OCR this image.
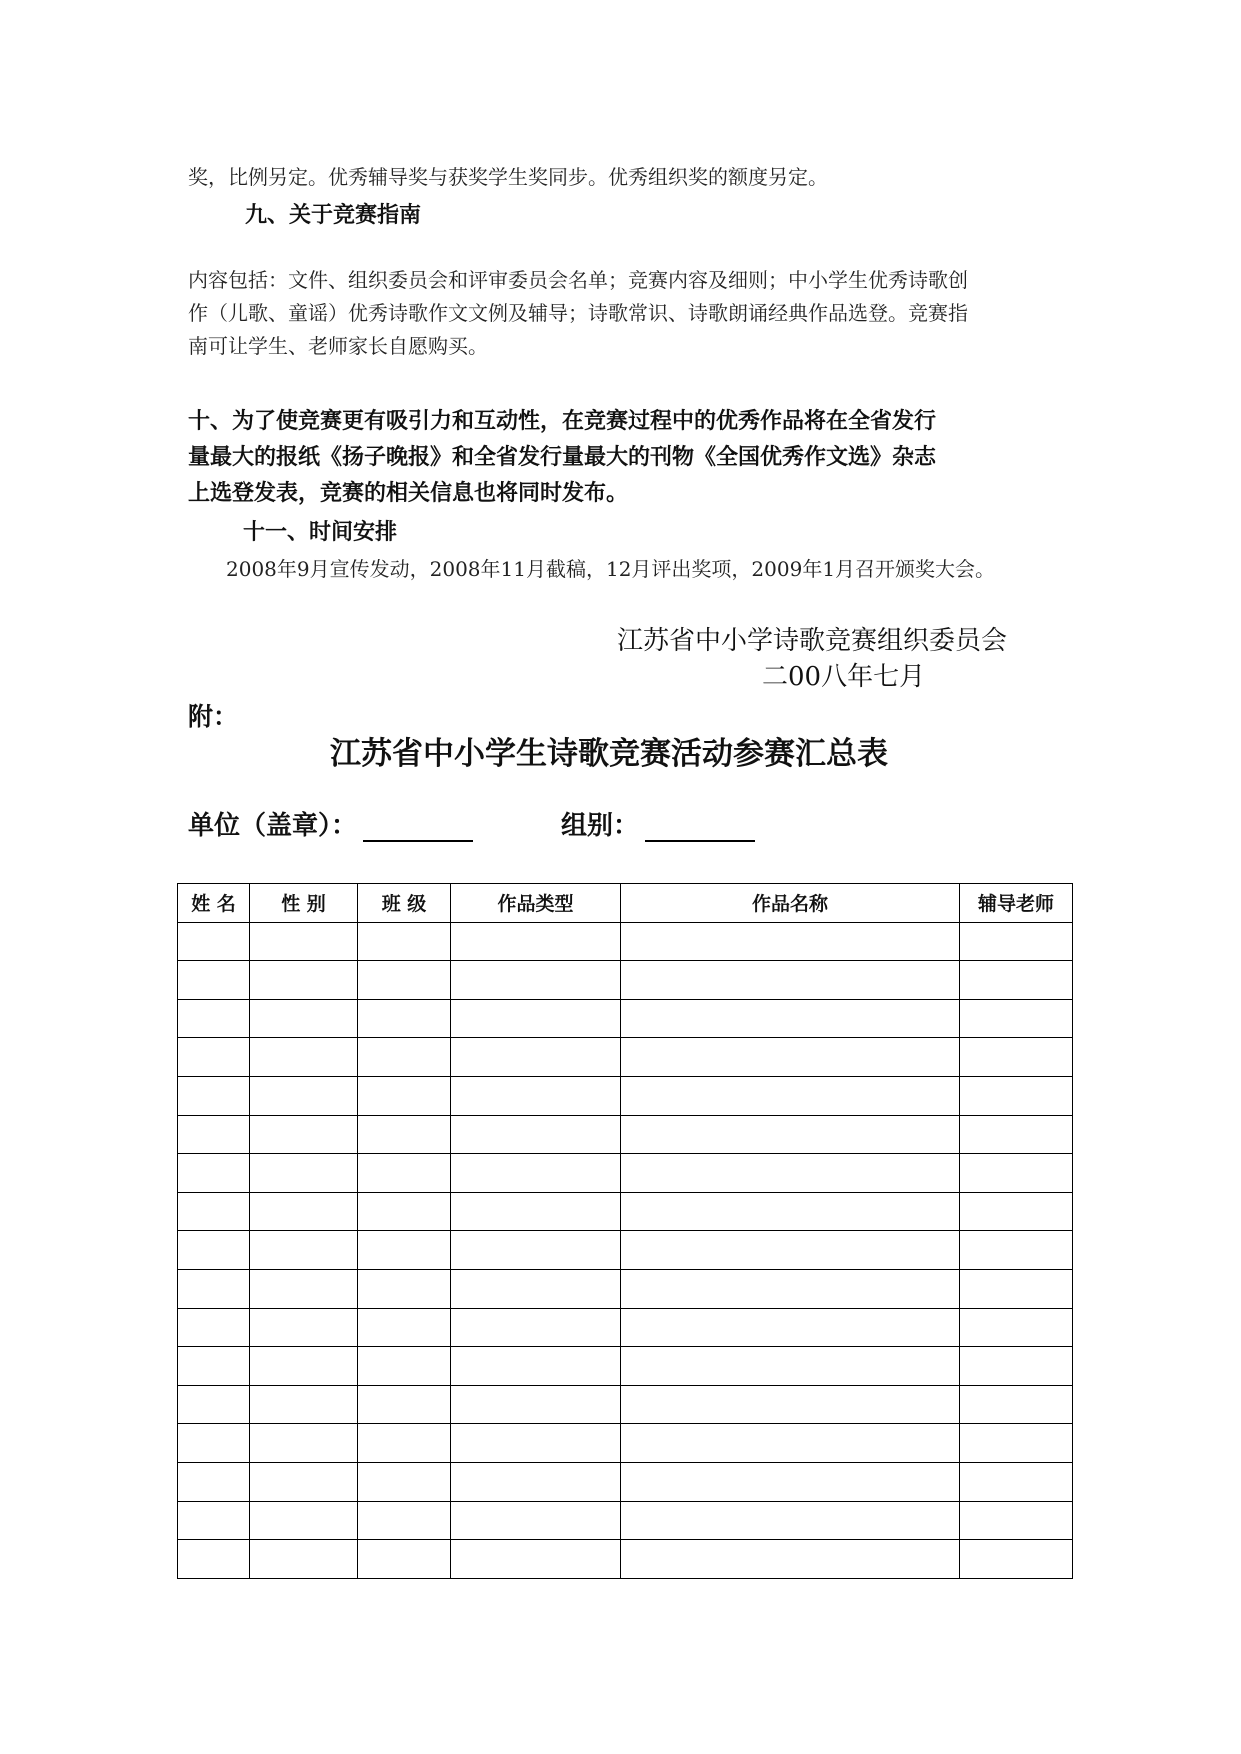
奖，比例另定。优秀辅导奖与获奖学生奖同步。优秀组织奖的额度另定。
九、关于竞赛指南
内容包括：文件、组织委员会和评审委员会名单；竞赛内容及细则；中小学生优秀诗歌创
作（儿歌、童谣）优秀诗歌作文文例及辅导；诗歌常识、诗歌朗诵经典作品选登。竞赛指
南可让学生、老师家长自愿购买。
十、为了使竞赛更有吸引力和互动性，在竞赛过程中的优秀作品将在全省发行
量最大的报纸《扬子晚报》和全省发行量最大的刊物《全国优秀作文选》杂志
上选登发表，竞赛的相关信息也将同时发布。
十一、时间安排
2008年9月宣传发动，2008年11月截稿，12月评出奖项，2009年1月召开颁奖大会。
江苏省中小学诗歌竞赛组织委员会
二00八年七月
附：
江苏省中小学生诗歌竞赛活动参赛汇总表
单位（盖章）：	组别：
姓 名	性 别	班 级	作品类型	作品名称	辅导老师
